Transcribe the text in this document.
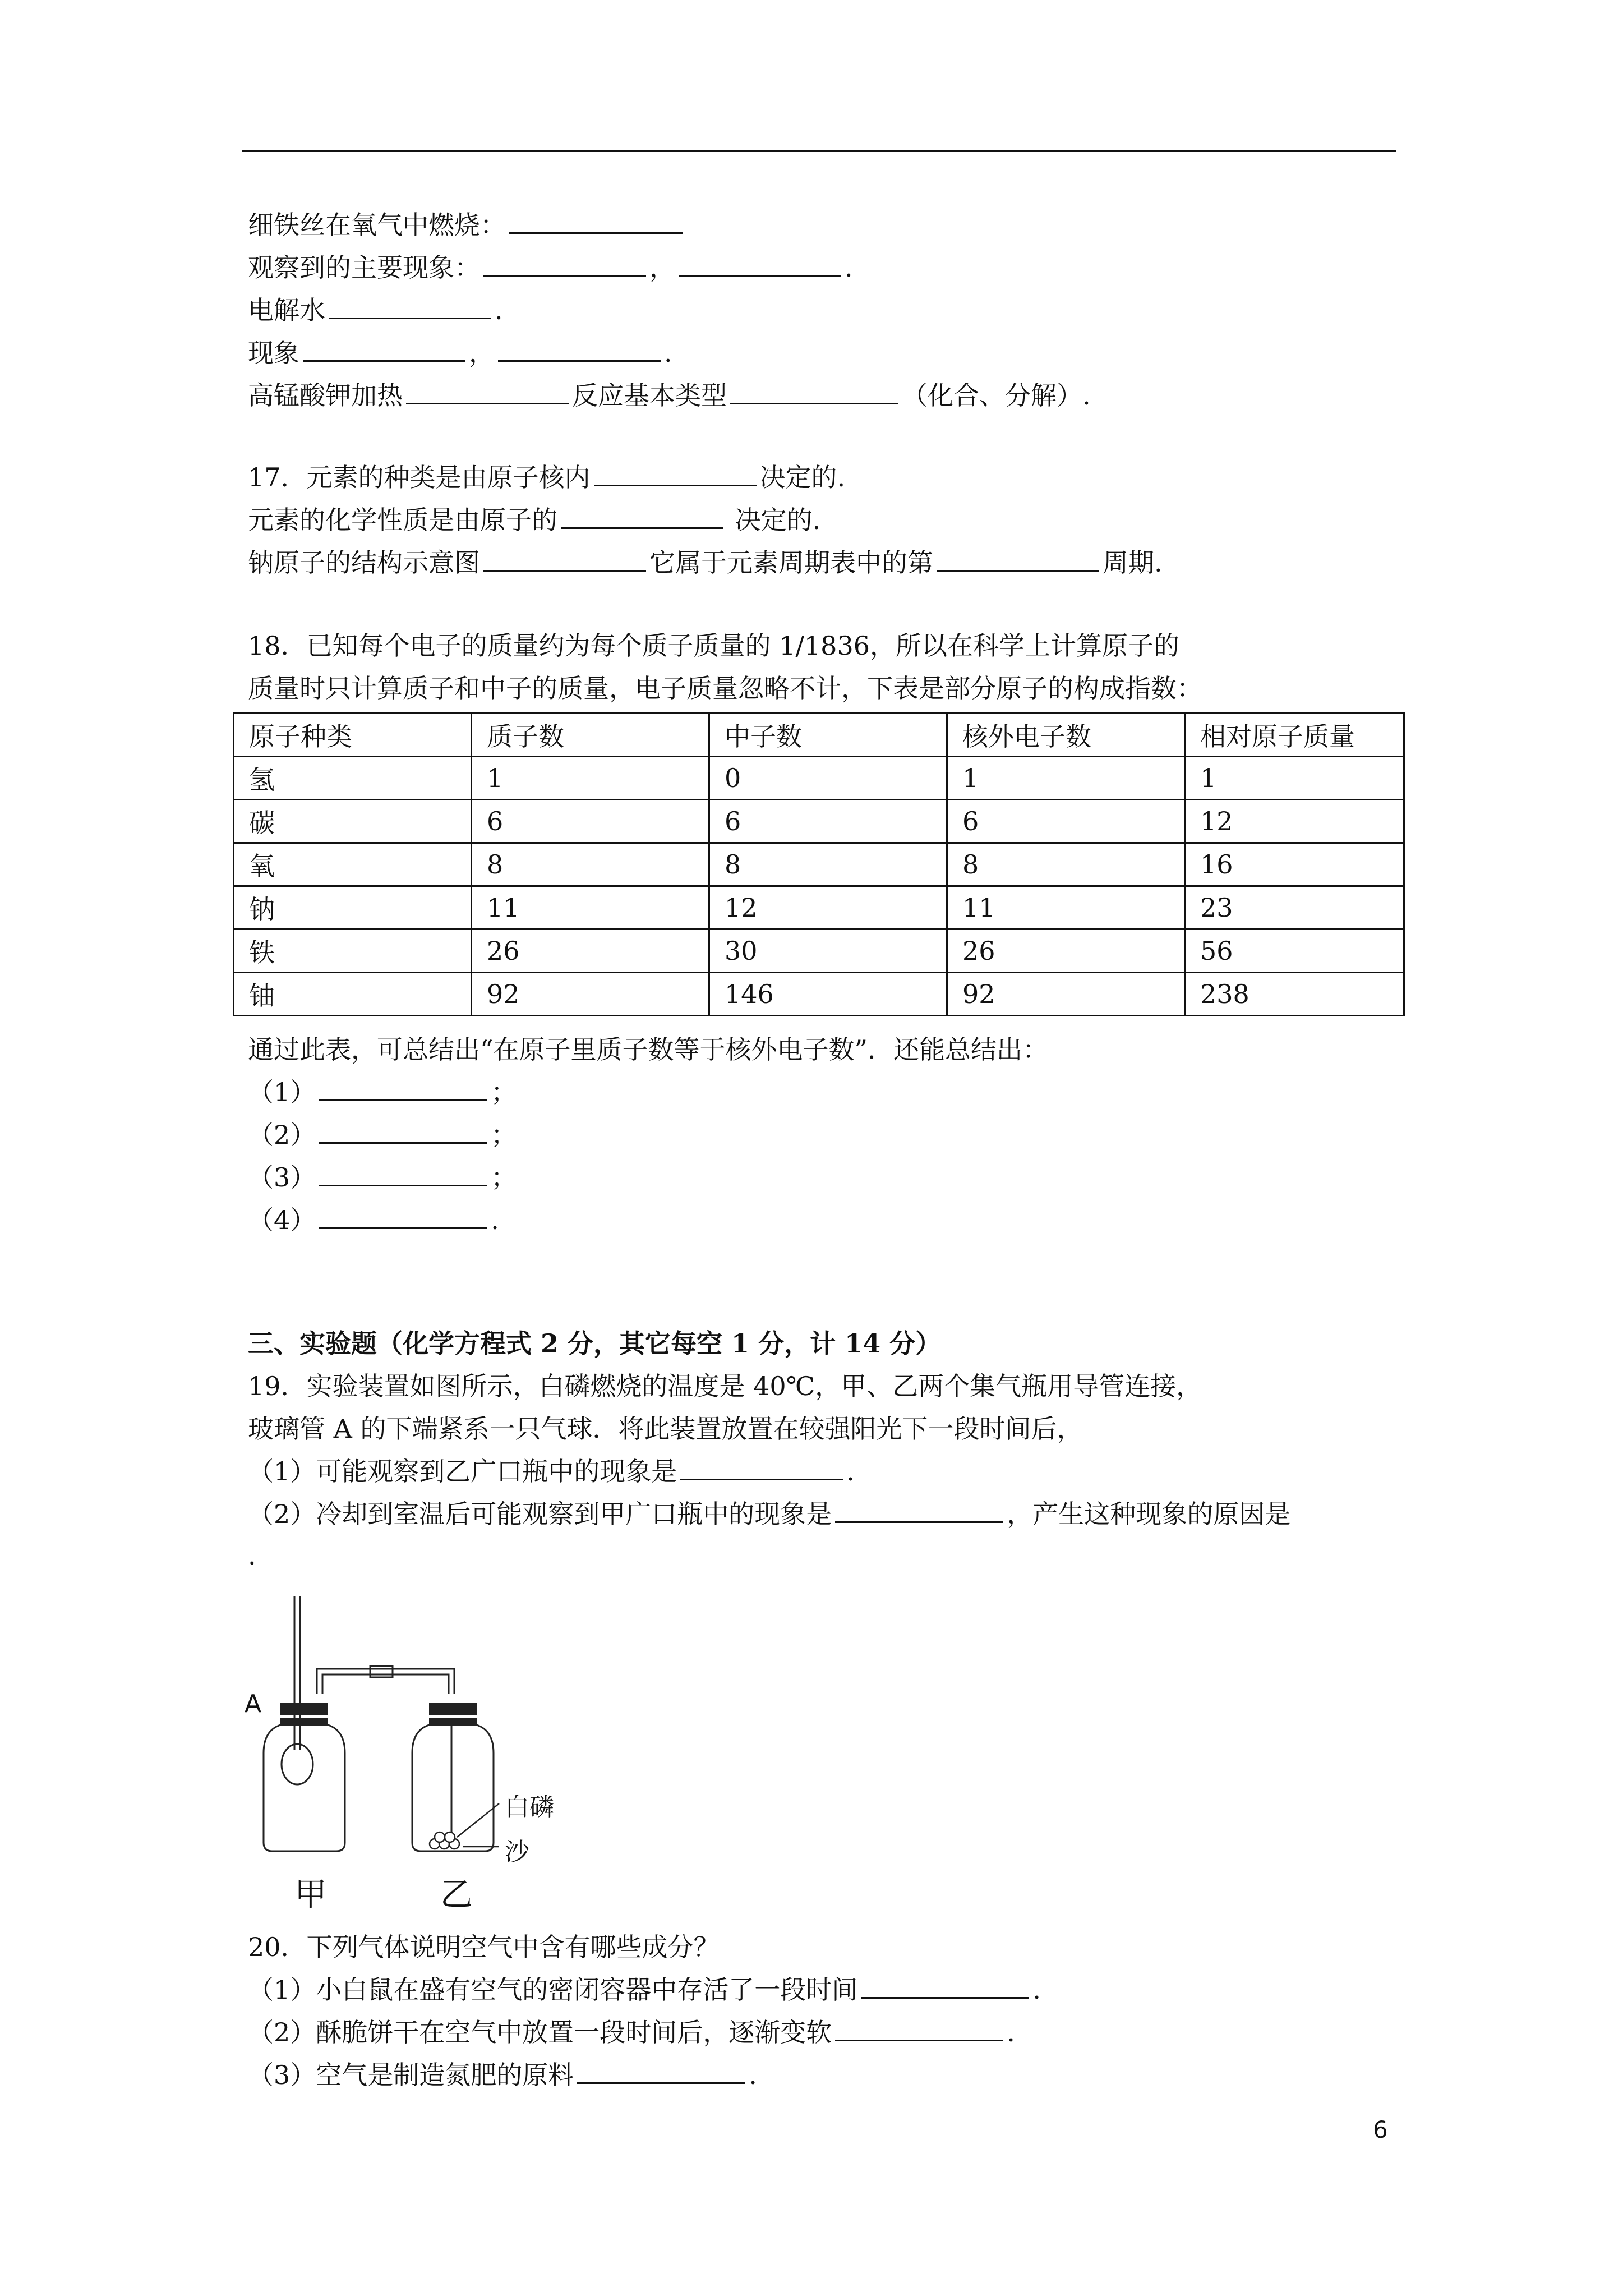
细铁丝在氧气中燃烧：
观察到的主要现象：	，	.
电解水	.
现象	，	.
高锰酸钾加热	反应基本类型	（化合、分解）.
17．元素的种类是由原子核内	决定的.
元素的化学性质是由原子的	决定的.
钠原子的结构示意图	它属于元素周期表中的第	周期.
18．已知每个电子的质量约为每个质子质量的 1/1836，所以在科学上计算原子的
质量时只计算质子和中子的质量，电子质量忽略不计，下表是部分原子的构成指数：
原子种类	质子数	中子数	核外电子数	相对原子质量
氢	1	0	1	1
碳	6	6	6	12
氧	8	8	8	16
钠	11	12	11	23
铁	26	30	26	56
铀	92	146	92	238
通过此表，可总结出“在原子里质子数等于核外电子数”．还能总结出：
（1）	；
（2）	；
（3）	；
（4）	.
三、实验题（化学方程式 2 分，其它每空 1 分，计 14 分）
19．实验装置如图所示，白磷燃烧的温度是 40℃，甲、乙两个集气瓶用导管连接，
玻璃管 A 的下端紧系一只气球．将此装置放置在较强阳光下一段时间后，
（1）可能观察到乙广口瓶中的现象是	.
（2）冷却到室温后可能观察到甲广口瓶中的现象是	，产生这种现象的原因是
.
A
白磷
沙
甲	乙
20．下列气体说明空气中含有哪些成分？
（1）小白鼠在盛有空气的密闭容器中存活了一段时间	.
（2）酥脆饼干在空气中放置一段时间后，逐渐变软	.
（3）空气是制造氮肥的原料	.
6
